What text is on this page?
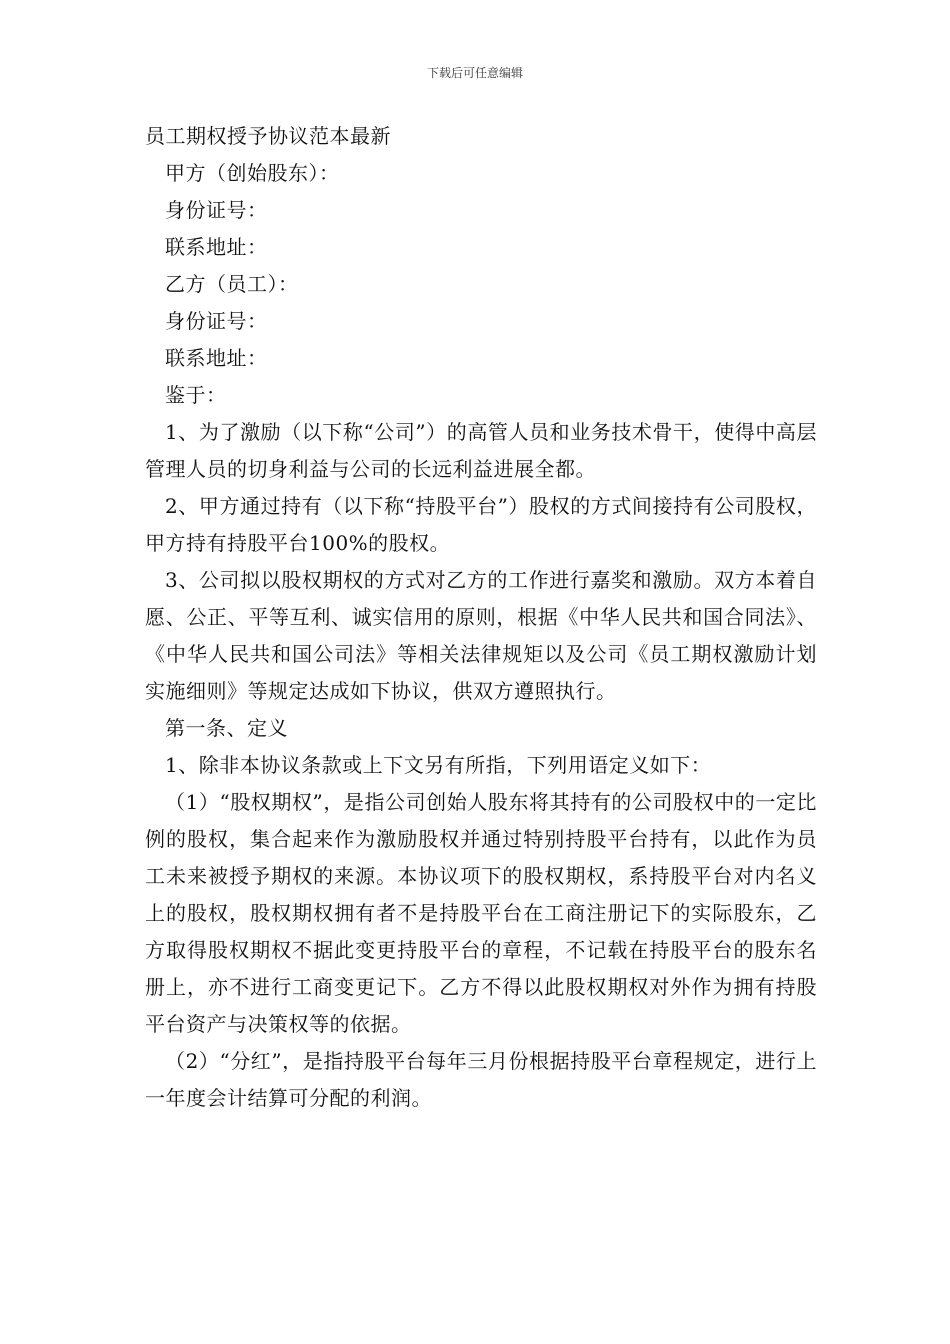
下载后可任意编辑
员工期权授予协议范本最新

甲方（创始股东）：

身份证号：

联系地址：

乙方（员工）：

身份证号：

联系地址：

鉴于：

1、为了激励（以下称“公司”）的高管人员和业务技术骨干，使得中高层管理人员的切身利益与公司的长远利益进展全都。

2、甲方通过持有（以下称“持股平台”）股权的方式间接持有公司股权，甲方持有持股平台100%的股权。

3、公司拟以股权期权的方式对乙方的工作进行嘉奖和激励。双方本着自愿、公正、平等互利、诚实信用的原则，根据《中华人民共和国合同法》、《中华人民共和国公司法》等相关法律规矩以及公司《员工期权激励计划实施细则》等规定达成如下协议，供双方遵照执行。

第一条、定义

1、除非本协议条款或上下文另有所指，下列用语定义如下：

（1）“股权期权”，是指公司创始人股东将其持有的公司股权中的一定比例的股权，集合起来作为激励股权并通过特别持股平台持有，以此作为员工未来被授予期权的来源。本协议项下的股权期权，系持股平台对内名义上的股权，股权期权拥有者不是持股平台在工商注册记下的实际股东，乙方取得股权期权不据此变更持股平台的章程，不记载在持股平台的股东名册上，亦不进行工商变更记下。乙方不得以此股权期权对外作为拥有持股平台资产与决策权等的依据。

（2）“分红”，是指持股平台每年三月份根据持股平台章程规定，进行上一年度会计结算可分配的利润。
